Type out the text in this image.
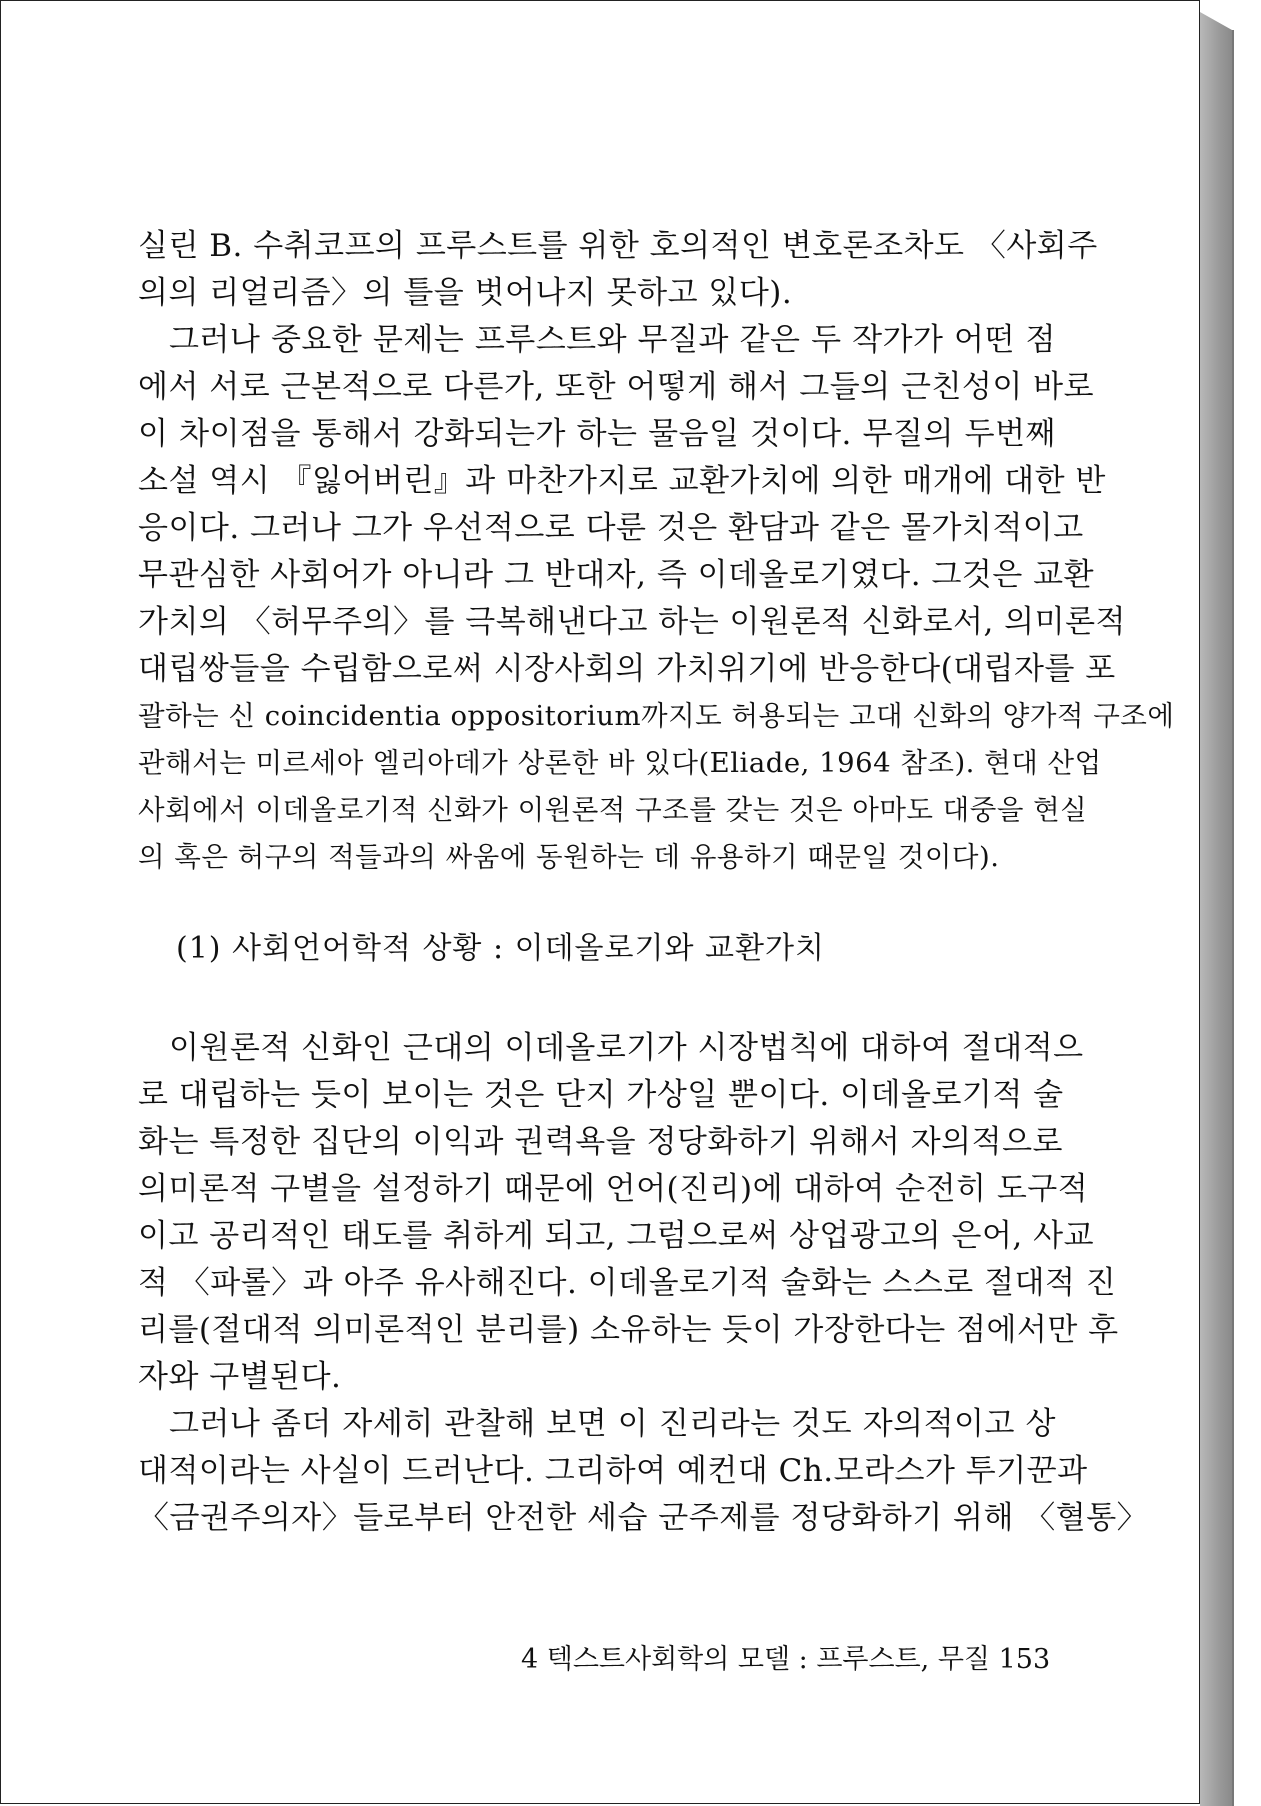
실린 B. 수취코프의 프루스트를 위한 호의적인 변호론조차도 〈사회주
의의 리얼리즘〉의 틀을 벗어나지 못하고 있다).
그러나 중요한 문제는 프루스트와 무질과 같은 두 작가가 어떤 점
에서 서로 근본적으로 다른가, 또한 어떻게 해서 그들의 근친성이 바로
이 차이점을 통해서 강화되는가 하는 물음일 것이다. 무질의 두번째
소설 역시 『잃어버린』과 마찬가지로 교환가치에 의한 매개에 대한 반
응이다. 그러나 그가 우선적으로 다룬 것은 환담과 같은 몰가치적이고
무관심한 사회어가 아니라 그 반대자, 즉 이데올로기였다. 그것은 교환
가치의 〈허무주의〉를 극복해낸다고 하는 이원론적 신화로서, 의미론적
대립쌍들을 수립함으로써 시장사회의 가치위기에 반응한다(대립자를 포
괄하는 신 coincidentia oppositorium까지도 허용되는 고대 신화의 양가적 구조에
관해서는 미르세아 엘리아데가 상론한 바 있다(Eliade, 1964 참조). 현대 산업
사회에서 이데올로기적 신화가 이원론적 구조를 갖는 것은 아마도 대중을 현실
의 혹은 허구의 적들과의 싸움에 동원하는 데 유용하기 때문일 것이다).
(1) 사회언어학적 상황 : 이데올로기와 교환가치
이원론적 신화인 근대의 이데올로기가 시장법칙에 대하여 절대적으
로 대립하는 듯이 보이는 것은 단지 가상일 뿐이다. 이데올로기적 술
화는 특정한 집단의 이익과 권력욕을 정당화하기 위해서 자의적으로
의미론적 구별을 설정하기 때문에 언어(진리)에 대하여 순전히 도구적
이고 공리적인 태도를 취하게 되고, 그럼으로써 상업광고의 은어, 사교
적 〈파롤〉과 아주 유사해진다. 이데올로기적 술화는 스스로 절대적 진
리를(절대적 의미론적인 분리를) 소유하는 듯이 가장한다는 점에서만 후
자와 구별된다.
그러나 좀더 자세히 관찰해 보면 이 진리라는 것도 자의적이고 상
대적이라는 사실이 드러난다. 그리하여 예컨대 Ch.모라스가 투기꾼과
〈금권주의자〉들로부터 안전한 세습 군주제를 정당화하기 위해 〈혈통〉
4 텍스트사회학의 모델 : 프루스트, 무질 153
